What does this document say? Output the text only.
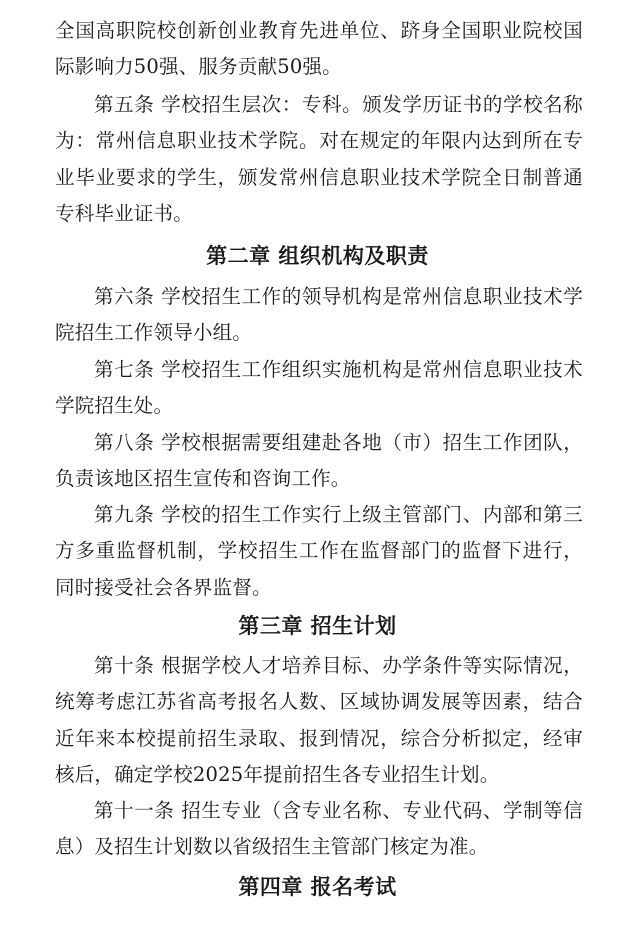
全国高职院校创新创业教育先进单位、跻身全国职业院校国际影响力50强、服务贡献50强。

第五条 学校招生层次：专科。颁发学历证书的学校名称为：常州信息职业技术学院。对在规定的年限内达到所在专业毕业要求的学生，颁发常州信息职业技术学院全日制普通专科毕业证书。

第二章 组织机构及职责

第六条 学校招生工作的领导机构是常州信息职业技术学院招生工作领导小组。

第七条 学校招生工作组织实施机构是常州信息职业技术学院招生处。

第八条 学校根据需要组建赴各地（市）招生工作团队，负责该地区招生宣传和咨询工作。

第九条 学校的招生工作实行上级主管部门、内部和第三方多重监督机制，学校招生工作在监督部门的监督下进行，同时接受社会各界监督。

第三章 招生计划

第十条 根据学校人才培养目标、办学条件等实际情况，统筹考虑江苏省高考报名人数、区域协调发展等因素，结合近年来本校提前招生录取、报到情况，综合分析拟定，经审核后，确定学校2025年提前招生各专业招生计划。

第十一条 招生专业（含专业名称、专业代码、学制等信息）及招生计划数以省级招生主管部门核定为准。

第四章 报名考试
